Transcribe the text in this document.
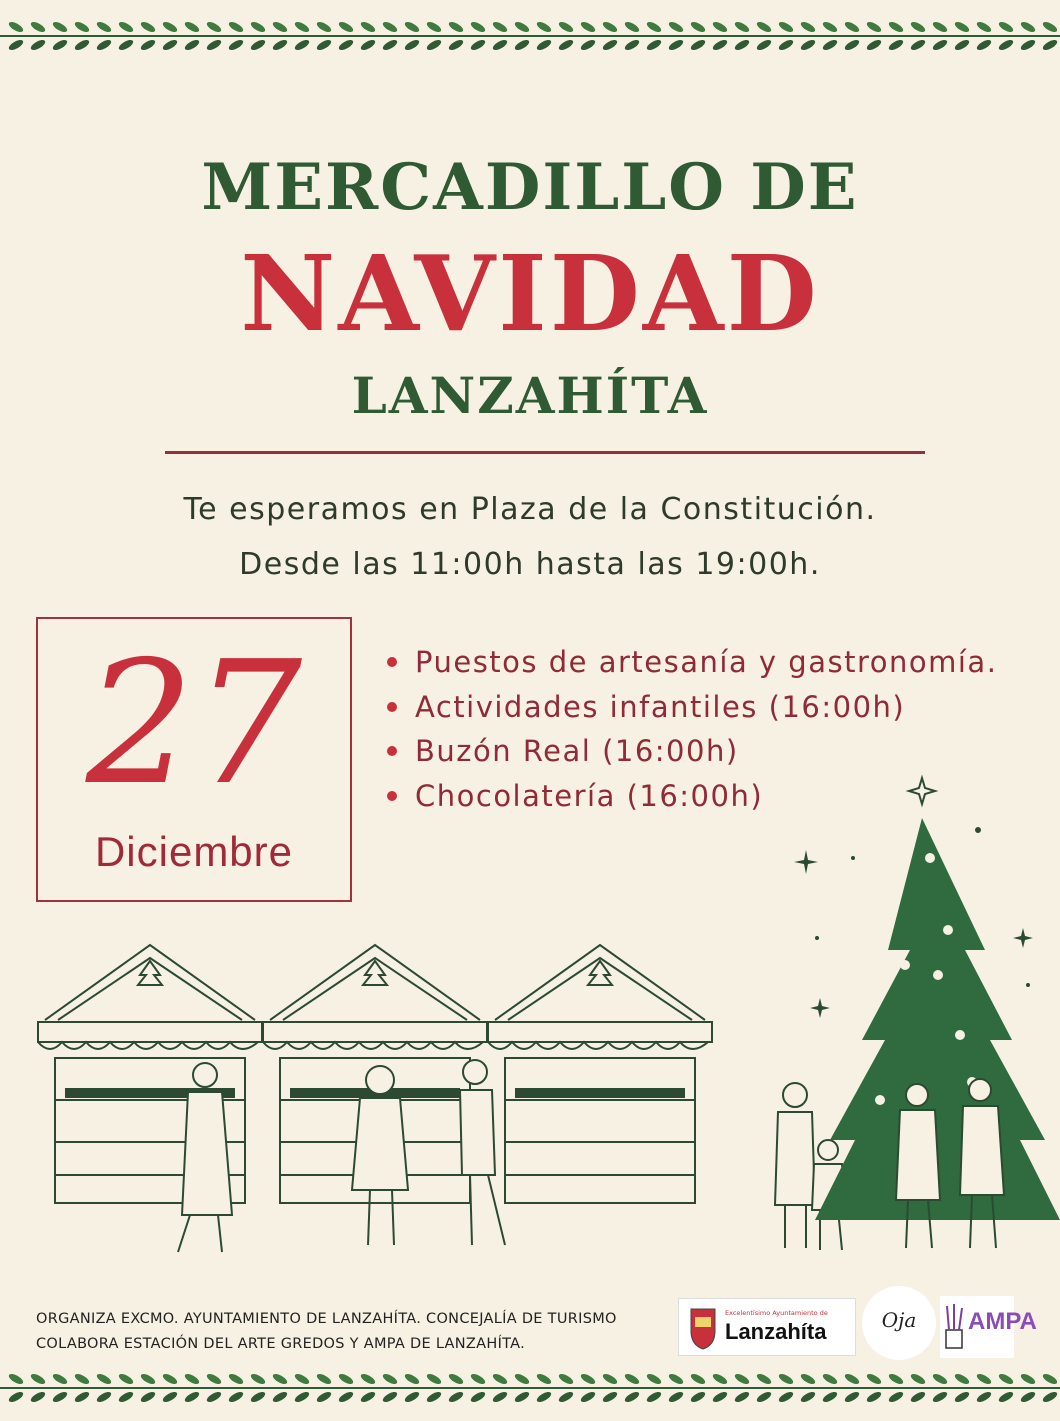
MERCADILLO DE
NAVIDAD
LANZAHÍTA
Te esperamos en Plaza de la Constitución.
Desde las 11:00h hasta las 19:00h.
27
Diciembre
Puestos de artesanía y gastronomía.
Actividades infantiles (16:00h)
Buzón Real (16:00h)
Chocolatería (16:00h)
ORGANIZA EXCMO. AYUNTAMIENTO DE LANZAHÍTA. CONCEJALÍA DE TURISMO
COLABORA ESTACIÓN DEL ARTE GREDOS Y AMPA DE LANZAHÍTA.
Excelentísimo Ayuntamiento de
Lanzahíta	Oja	AMPA
